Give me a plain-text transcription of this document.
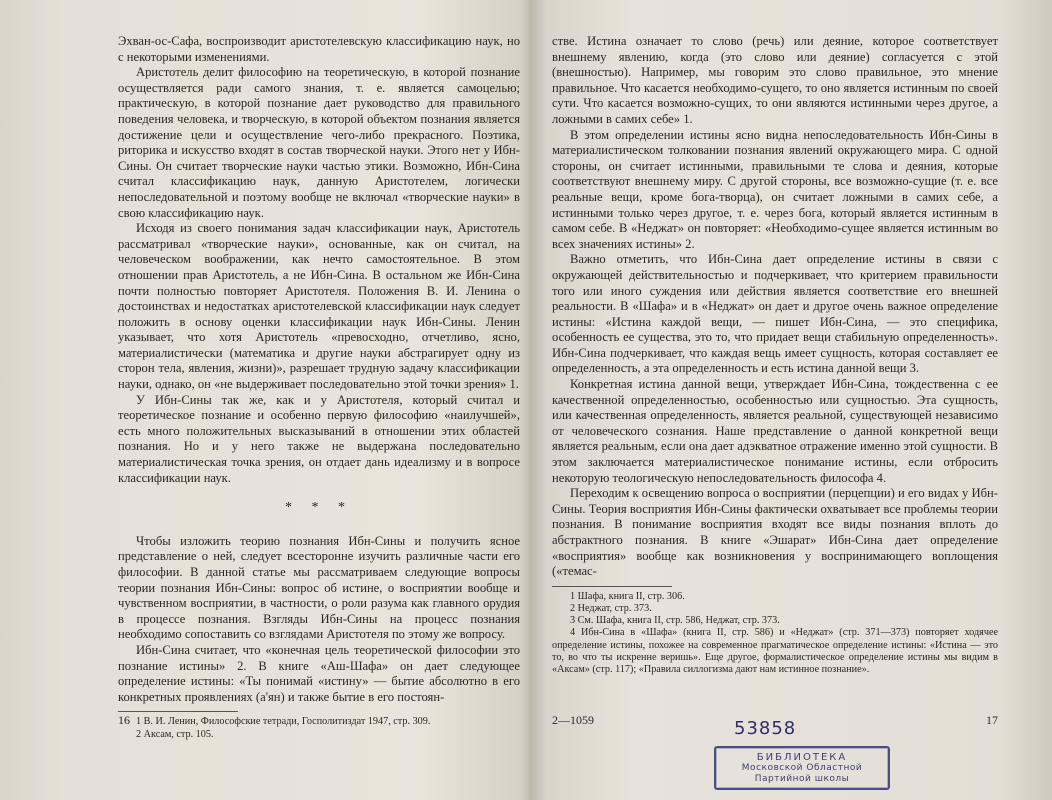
Эхван-ос-Сафа, воспроизводит аристотелевскую классификацию наук, но с некоторыми изменениями.

Аристотель делит философию на теоретическую, в которой познание осуществляется ради самого знания, т. е. является самоцелью; практическую, в которой познание дает руководство для правильного поведения человека, и творческую, в которой объектом познания является достижение цели и осуществление чего-либо прекрасного. Поэтика, риторика и искусство входят в состав творческой науки. Этого нет у Ибн-Сины. Он считает творческие науки частью этики. Возможно, Ибн-Сина считал классификацию наук, данную Аристотелем, логически непоследовательной и поэтому вообще не включал «творческие науки» в свою классификацию наук.

Исходя из своего понимания задач классификации наук, Аристотель рассматривал «творческие науки», основанные, как он считал, на человеческом воображении, как нечто самостоятельное. В этом отношении прав Аристотель, а не Ибн-Сина. В остальном же Ибн-Сина почти полностью повторяет Аристотеля. Положения В. И. Ленина о достоинствах и недостатках аристотелевской классификации наук следует положить в основу оценки классификации наук Ибн-Сины. Ленин указывает, что хотя Аристотель «превосходно, отчетливо, ясно, материалистически (математика и другие науки абстрагирует одну из сторон тела, явления, жизни)», разрешает трудную задачу классификации науки, однако, он «не выдерживает последовательно этой точки зрения» 1.

У Ибн-Сины так же, как и у Аристотеля, который считал и теоретическое познание и особенно первую философию «наилучшей», есть много положительных высказываний в отношении этих областей познания. Но и у него также не выдержана последовательно материалистическая точка зрения, он отдает дань идеализму и в вопросе классификации наук.

* * *

Чтобы изложить теорию познания Ибн-Сины и получить ясное представление о ней, следует всесторонне изучить различные части его философии. В данной статье мы рассматриваем следующие вопросы теории познания Ибн-Сины: вопрос об истине, о восприятии вообще и чувственном восприятии, в частности, о роли разума как главного орудия в процессе познания. Взгляды Ибн-Сины на процесс познания необходимо сопоставить со взглядами Аристотеля по этому же вопросу.

Ибн-Сина считает, что «конечная цель теоретической философии это познание истины» 2. В книге «Аш-Шафа» он дает следующее определение истины: «Ты понимай «истину» — бытие абсолютно в его конкретных проявлениях (а'ян) и также бытие в его постоян-

1 В. И. Ленин, Философские тетради, Госполитиздат 1947, стр. 309.

2 Аксам, стр. 105.

16

стве. Истина означает то слово (речь) или деяние, которое соответствует внешнему явлению, когда (это слово или деяние) согласуется с этой (внешностью). Например, мы говорим это слово правильное, это мнение правильное. Что касается необходимо-сущего, то оно является истинным по своей сути. Что касается возможно-сущих, то они являются истинными через другое, а ложными в самих себе» 1.

В этом определении истины ясно видна непоследовательность Ибн-Сины в материалистическом толковании познания явлений окружающего мира. С одной стороны, он считает истинными, правильными те слова и деяния, которые соответствуют внешнему миру. С другой стороны, все возможно-сущие (т. е. все реальные вещи, кроме бога-творца), он считает ложными в самих себе, а истинными только через другое, т. е. через бога, который является истинным в самом себе. В «Неджат» он повторяет: «Необходимо-сущее является истинным во всех значениях истины» 2.

Важно отметить, что Ибн-Сина дает определение истины в связи с окружающей действительностью и подчеркивает, что критерием правильности того или иного суждения или действия является соответствие его внешней реальности. В «Шафа» и в «Неджат» он дает и другое очень важное определение истины: «Истина каждой вещи, — пишет Ибн-Сина, — это специфика, особенность ее существа, это то, что придает вещи стабильную определенность». Ибн-Сина подчеркивает, что каждая вещь имеет сущность, которая составляет ее определенность, а эта определенность и есть истина данной вещи 3.

Конкретная истина данной вещи, утверждает Ибн-Сина, тождественна с ее качественной определенностью, особенностью или сущностью. Эта сущность, или качественная определенность, является реальной, существующей независимо от человеческого сознания. Наше представление о данной конкретной вещи является реальным, если она дает адэкватное отражение именно этой сущности. В этом заключается материалистическое понимание истины, если отбросить некоторую теологическую непоследовательность философа 4.

Переходим к освещению вопроса о восприятии (перцепции) и его видах у Ибн-Сины. Теория восприятия Ибн-Сины фактически охватывает все проблемы теории познания. В понимание восприятия входят все виды познания вплоть до абстрактного познания. В книге «Эшарат» Ибн-Сина дает определение «восприятия» вообще как возникновения у воспринимающего воплощения («темас-

1 Шафа, книга II, стр. 306.

2 Неджат, стр. 373.

3 См. Шафа, книга II, стр. 586, Неджат, стр. 373.

4 Ибн-Сина в «Шафа» (книга II, стр. 586) и «Неджат» (стр. 371—373) повторяет ходячее определение истины, похожее на современное прагматическое определение истины: «Истина — это то, во что ты искренне веришь». Еще другое, формалистическое определение истины мы видим в «Аксам» (стр. 117); «Правила силлогизма дают нам истинное познание».

2—1059	17
53858
БИБЛИОТЕКА
Московской Областной
Партийной школы
